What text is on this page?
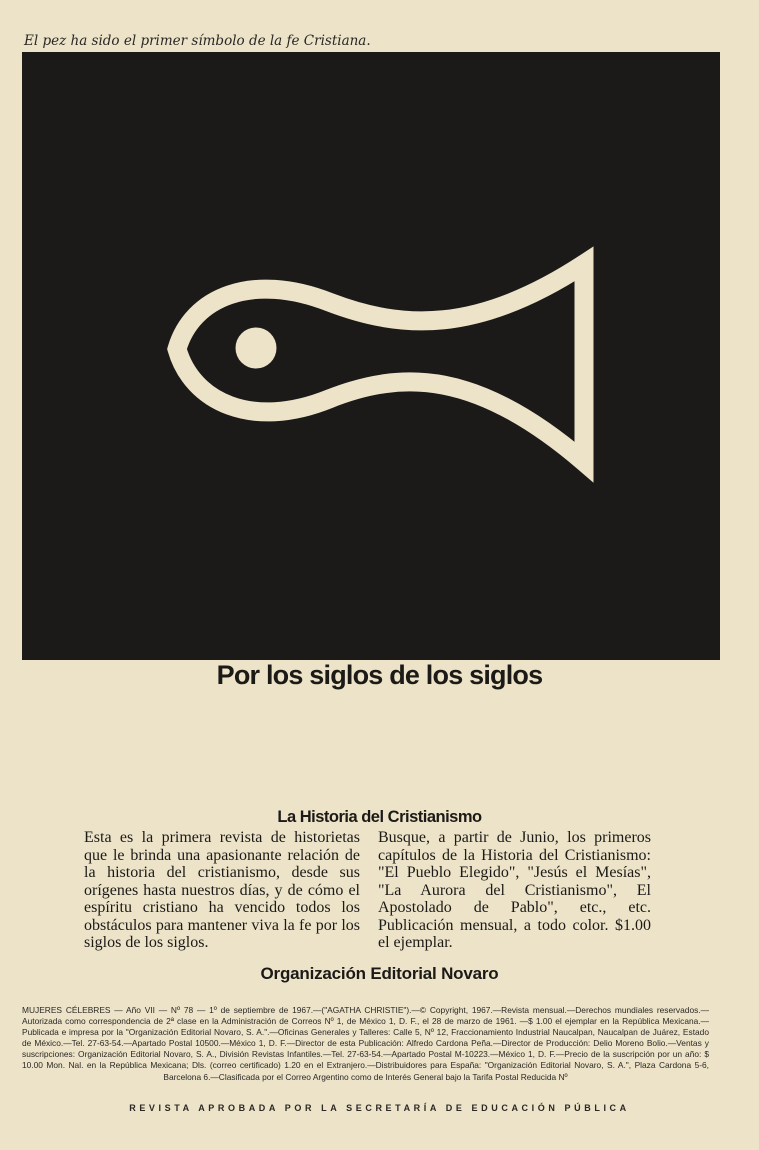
El pez ha sido el primer símbolo de la fe Cristiana.
Por los siglos de los siglos
La Historia del Cristianismo
Esta es la primera revista de historietas que le brinda una apasionante relación de la historia del cristianismo, desde sus orígenes hasta nuestros días, y de cómo el espíritu cristiano ha vencido todos los obstáculos para mantener viva la fe por los siglos de los siglos.
Busque, a partir de Junio, los primeros capítulos de la Historia del Cristianismo: "El Pueblo Elegido", "Jesús el Mesías", "La Aurora del Cristianismo", El Apostolado de Pablo", etc., etc. Publicación mensual, a todo color. $1.00 el ejemplar.
Organización Editorial Novaro
MUJERES CÉLEBRES — Año VII — Nº 78 — 1º de septiembre de 1967.—("AGATHA CHRISTIE").—© Copyright, 1967.—Revista mensual.—Derechos mundiales reservados.—Autorizada como correspondencia de 2ª clase en la Administración de Correos Nº 1, de México 1, D. F., el 28 de marzo de 1961. —$ 1.00 el ejemplar en la República Mexicana.—Publicada e impresa por la "Organización Editorial Novaro, S. A.".—Oficinas Generales y Talleres: Calle 5, Nº 12, Fraccionamiento Industrial Naucalpan, Naucalpan de Juárez, Estado de México.—Tel. 27-63-54.—Apartado Postal 10500.—México 1, D. F.—Director de esta Publicación: Alfredo Cardona Peña.—Director de Producción: Delio Moreno Bolio.—Ventas y suscripciones: Organización Editorial Novaro, S. A., División Revistas Infantiles.—Tel. 27-63-54.—Apartado Postal M-10223.—México 1, D. F.—Precio de la suscripción por un año: $ 10.00 Mon. Nal. en la República Mexicana; Dls. (correo certificado) 1.20 en el Extranjero.—Distribuidores para España: "Organización Editorial Novaro, S. A.", Plaza Cardona 5-6, Barcelona 6.—Clasificada por el Correo Argentino como de Interés General bajo la Tarifa Postal Reducida Nº
REVISTA APROBADA POR LA SECRETARÍA DE EDUCACIÓN PÚBLICA
